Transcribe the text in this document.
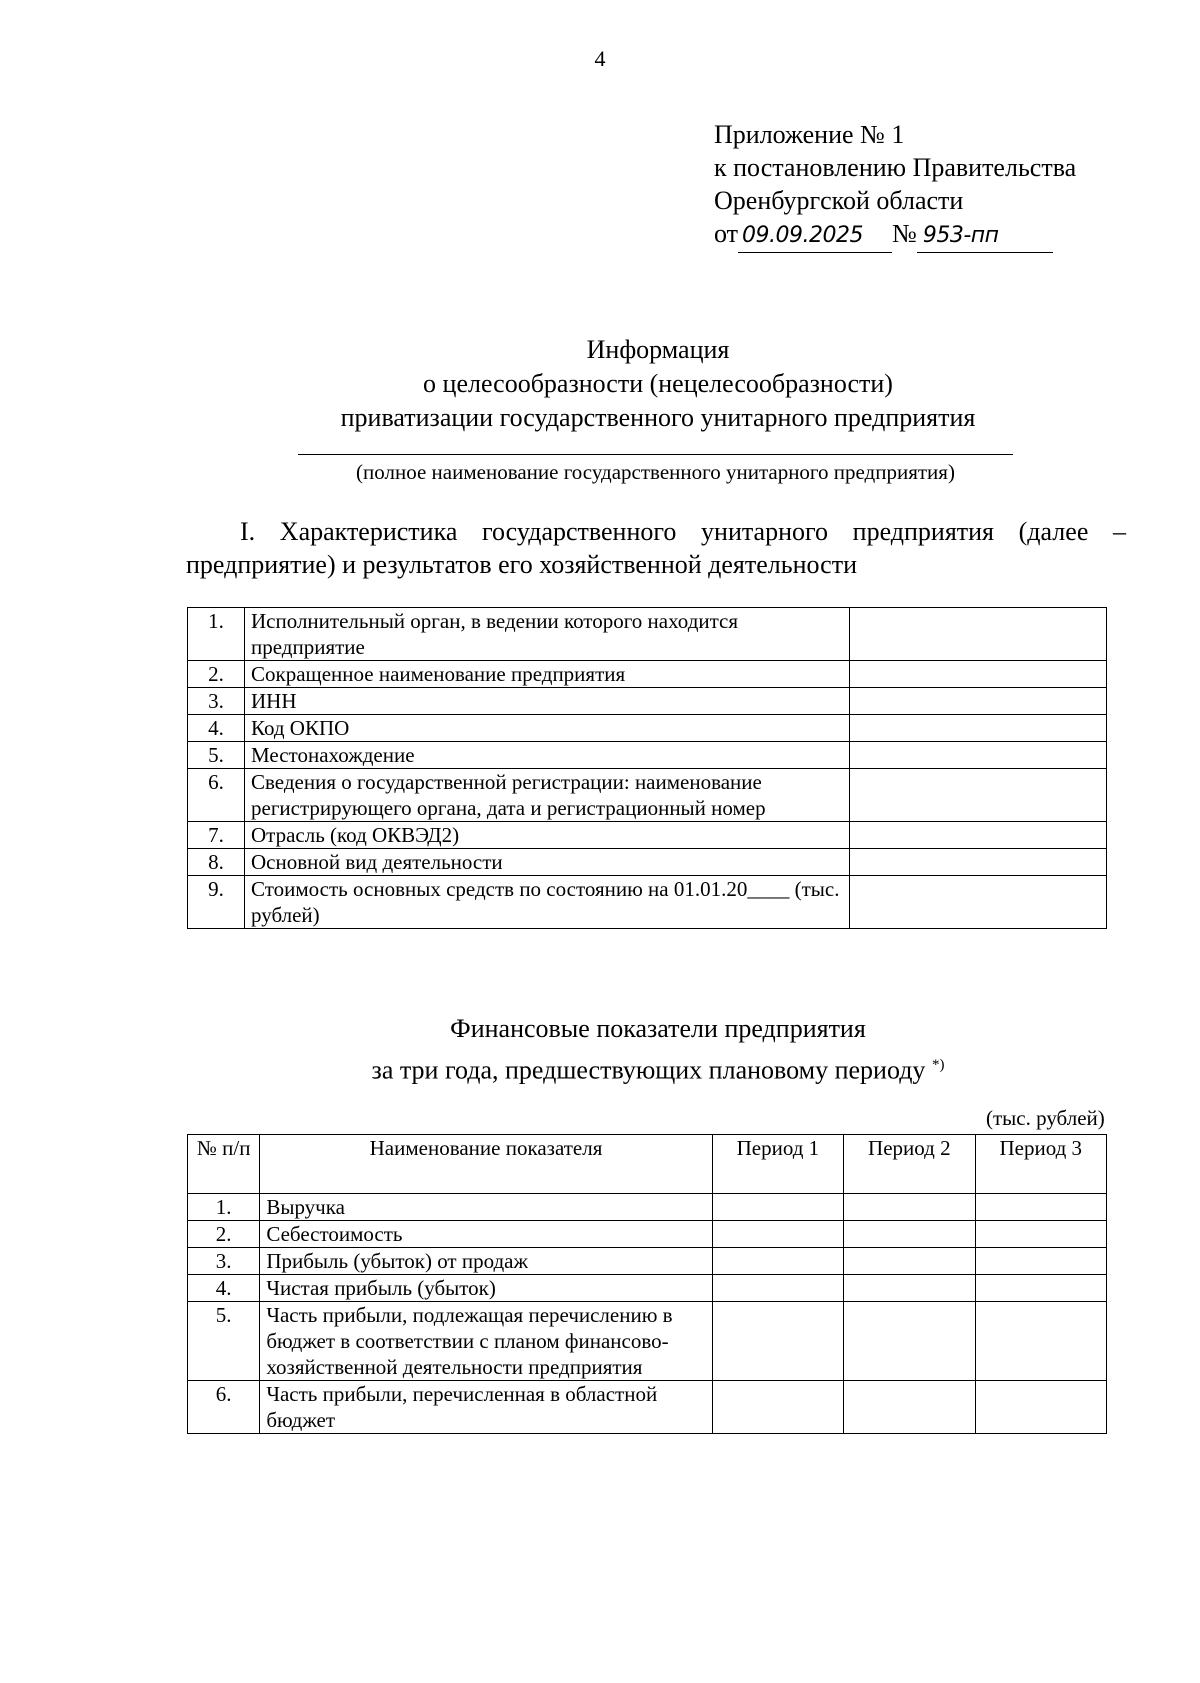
4
Приложение № 1
к постановлению Правительства
Оренбургской области
от 09.09.2025 № 953-пп
Информация
о целесообразности (нецелесообразности)
приватизации государственного унитарного предприятия
(полное наименование государственного унитарного предприятия)
I. Характеристика государственного унитарного предприятия (далее – предприятие) и результатов его хозяйственной деятельности
1.	Исполнительный орган, в ведении которого находится предприятие	
2.	Сокращенное наименование предприятия	
3.	ИНН	
4.	Код ОКПО	
5.	Местонахождение	
6.	Сведения о государственной регистрации: наименование регистрирующего органа, дата и регистрационный номер	
7.	Отрасль (код ОКВЭД2)	
8.	Основной вид деятельности	
9.	Стоимость основных средств по состоянию на 01.01.20____ (тыс. рублей)	
Финансовые показатели предприятия
за три года, предшествующих плановому периоду *)
(тыс. рублей)
№ п/п	Наименование показателя	Период 1	Период 2	Период 3
1.	Выручка			
2.	Себестоимость			
3.	Прибыль (убыток) от продаж			
4.	Чистая прибыль (убыток)			
5.	Часть прибыли, подлежащая перечислению в бюджет в соответствии с планом финансово-хозяйственной деятельности предприятия			
6.	Часть прибыли, перечисленная в областной бюджет			
